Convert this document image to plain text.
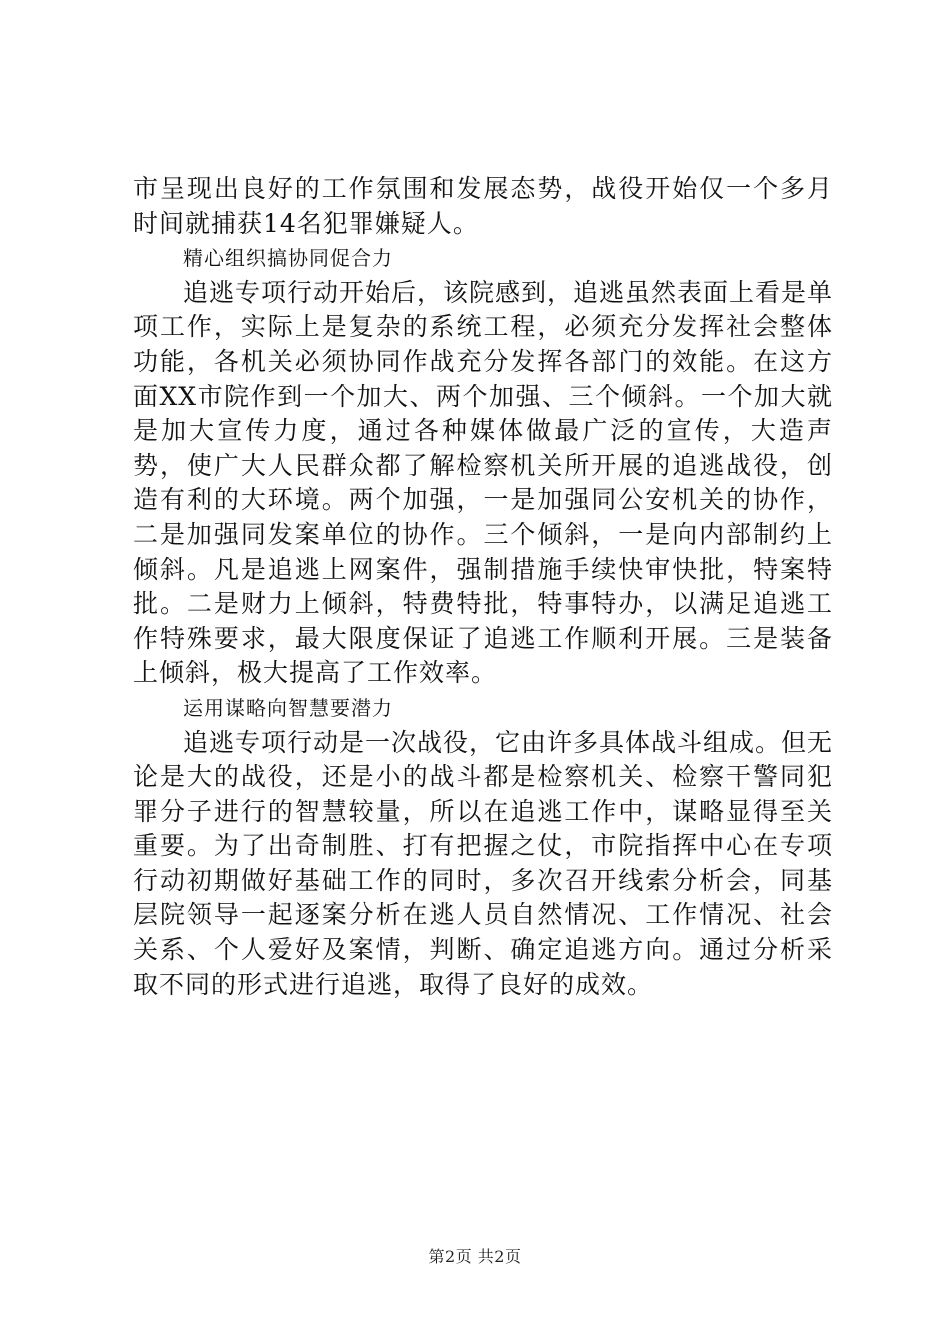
市呈现出良好的工作氛围和发展态势，战役开始仅一个多月时间就捕获14名犯罪嫌疑人。

精心组织搞协同促合力

追逃专项行动开始后，该院感到，追逃虽然表面上看是单项工作，实际上是复杂的系统工程，必须充分发挥社会整体功能，各机关必须协同作战充分发挥各部门的效能。在这方面XX市院作到一个加大、两个加强、三个倾斜。一个加大就是加大宣传力度，通过各种媒体做最广泛的宣传，大造声势，使广大人民群众都了解检察机关所开展的追逃战役，创造有利的大环境。两个加强，一是加强同公安机关的协作，二是加强同发案单位的协作。三个倾斜，一是向内部制约上倾斜。凡是追逃上网案件，强制措施手续快审快批，特案特批。二是财力上倾斜，特费特批，特事特办，以满足追逃工作特殊要求，最大限度保证了追逃工作顺利开展。三是装备上倾斜，极大提高了工作效率。

运用谋略向智慧要潜力

追逃专项行动是一次战役，它由许多具体战斗组成。但无论是大的战役，还是小的战斗都是检察机关、检察干警同犯罪分子进行的智慧较量，所以在追逃工作中，谋略显得至关重要。为了出奇制胜、打有把握之仗，市院指挥中心在专项行动初期做好基础工作的同时，多次召开线索分析会，同基层院领导一起逐案分析在逃人员自然情况、工作情况、社会关系、个人爱好及案情，判断、确定追逃方向。通过分析采取不同的形式进行追逃，取得了良好的成效。

第2页 共2页
